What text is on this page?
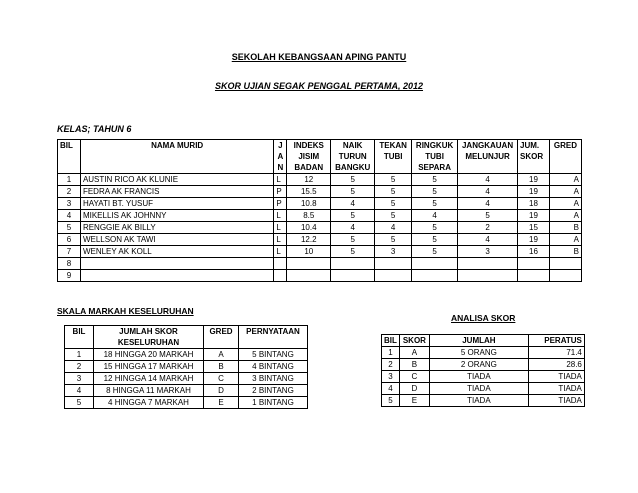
SEKOLAH KEBANGSAAN APING PANTU
SKOR UJIAN SEGAK PENGGAL PERTAMA, 2012
KELAS; TAHUN 6
BIL	NAMA MURID	J A N	INDEKS JISIM BADAN	NAIK TURUN BANGKU	TEKAN TUBI	RINGKUK TUBI SEPARA	JANGKAUAN MELUNJUR	JUM. SKOR	GRED
1	AUSTIN RICO AK KLUNIE	L	12	5	5	5	4	19	A
2	FEDRA AK FRANCIS	P	15.5	5	5	5	4	19	A
3	HAYATI BT. YUSUF	P	10.8	4	5	5	4	18	A
4	MIKELLIS AK JOHNNY	L	8.5	5	5	4	5	19	A
5	RENGGIE AK BILLY	L	10.4	4	4	5	2	15	B
6	WELLSON AK TAWI	L	12.2	5	5	5	4	19	A
7	WENLEY AK KOLL	L	10	5	3	5	3	16	B
8									
9									
SKALA MARKAH KESELURUHAN
BIL	JUMLAH SKOR KESELURUHAN	GRED	PERNYATAAN
1	18 HINGGA 20 MARKAH	A	5 BINTANG
2	15 HINGGA 17 MARKAH	B	4 BINTANG
3	12 HINGGA 14 MARKAH	C	3 BINTANG
4	8 HINGGA 11 MARKAH	D	2 BINTANG
5	4 HINGGA 7 MARKAH	E	1 BINTANG
ANALISA SKOR
BIL	SKOR	JUMLAH	PERATUS
1	A	5 ORANG	71.4
2	B	2 ORANG	28.6
3	C	TIADA	TIADA
4	D	TIADA	TIADA
5	E	TIADA	TIADA
